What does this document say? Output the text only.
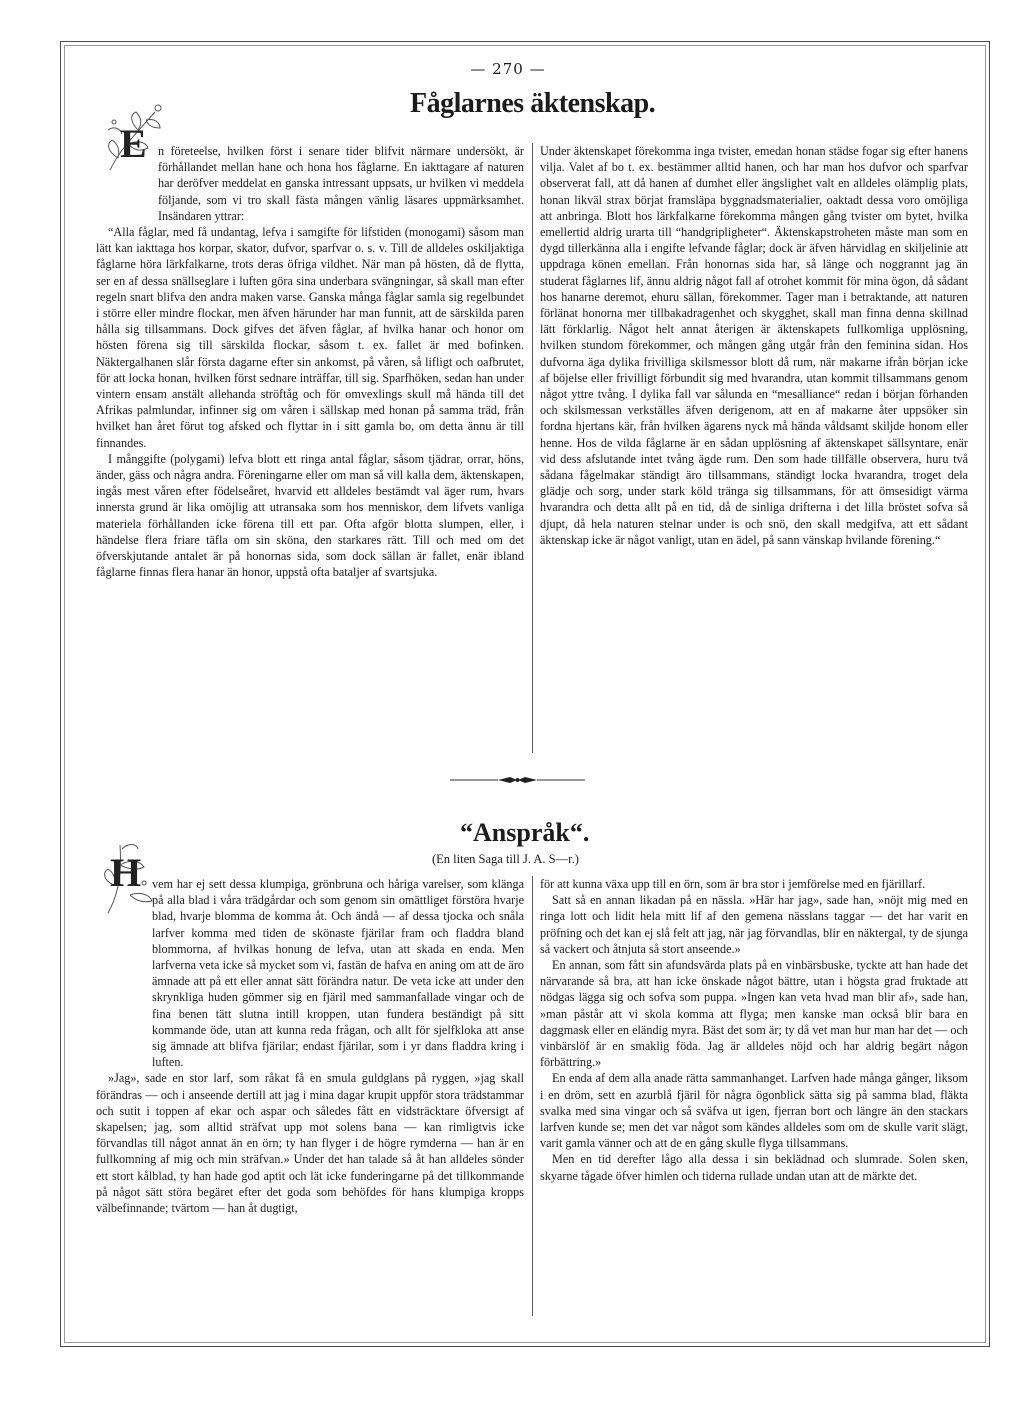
— 270 —
E
Fåglarnes äktenskap.

n företeelse, hvilken först i senare tider blifvit närmare undersökt, är förhållandet mellan hane och hona hos fåglarne. En iakttagare af naturen har deröfver meddelat en ganska intressant uppsats, ur hvilken vi meddela följande, som vi tro skall fästa mången vänlig läsares uppmärksamhet. Insändaren yttrar:

“Alla fåglar, med få undantag, lefva i samgifte för lifstiden (monogami) såsom man lätt kan iakttaga hos korpar, skator, dufvor, sparfvar o. s. v. Till de alldeles oskiljaktiga fåglarne höra lärkfalkarne, trots deras öfriga vildhet. När man på hösten, då de flytta, ser en af dessa snällseglare i luften göra sina underbara svängningar, så skall man efter regeln snart blifva den andra maken varse. Ganska många fåglar samla sig regelbundet i större eller mindre flockar, men äfven härunder har man funnit, att de särskilda paren hålla sig tillsammans. Dock gifves det äfven fåglar, af hvilka hanar och honor om hösten förena sig till särskilda flockar, såsom t. ex. fallet är med bofinken. Näktergalhanen slår första dagarne efter sin ankomst, på våren, så lifligt och oafbrutet, för att locka honan, hvilken först sednare inträffar, till sig. Sparfhöken, sedan han under vintern ensam anstält allehanda ströftåg och för omvexlings skull må hända till det Afrikas palmlundar, infinner sig om våren i sällskap med honan på samma träd, från hvilket han året förut tog afsked och flyttar in i sitt gamla bo, om detta ännu är till finnandes.

I månggifte (polygami) lefva blott ett ringa antal fåglar, såsom tjädrar, orrar, höns, änder, gäss och några andra. Föreningarne eller om man så vill kalla dem, äktenskapen, ingås mest våren efter födelseåret, hvarvid ett alldeles bestämdt val äger rum, hvars innersta grund är lika omöjlig att utransaka som hos menniskor, dem lifvets vanliga materiela förhållanden icke förena till ett par. Ofta afgör blotta slumpen, eller, i händelse flera friare täfla om sin sköna, den starkares rätt. Till och med om det öfverskjutande antalet är på honornas sida, som dock sällan är fallet, enär ibland fåglarne finnas flera hanar än honor, uppstå ofta bataljer af svartsjuka.

Under äktenskapet förekomma inga tvister, emedan honan städse fogar sig efter hanens vilja. Valet af bo t. ex. bestämmer alltid hanen, och har man hos dufvor och sparfvar observerat fall, att då hanen af dumhet eller ängslighet valt en alldeles olämplig plats, honan likväl strax börjat framsläpa byggnadsmaterialier, oaktadt dessa voro omöjliga att anbringa. Blott hos lärkfalkarne förekomma mången gång tvister om bytet, hvilka emellertid aldrig urarta till “handgripligheter“. Äktenskapstroheten måste man som en dygd tillerkänna alla i engifte lefvande fåglar; dock är äfven härvidlag en skiljelinie att uppdraga könen emellan. Från honornas sida har, så länge och noggrannt jag än studerat fåglarnes lif, ännu aldrig något fall af otrohet kommit för mina ögon, då sådant hos hanarne deremot, ehuru sällan, förekommer. Tager man i betraktande, att naturen förlänat honorna mer tillbakadragenhet och skygghet, skall man finna denna skillnad lätt förklarlig. Något helt annat återigen är äktenskapets fullkomliga upplösning, hvilken stundom förekommer, och mången gång utgår från den feminina sidan. Hos dufvorna äga dylika frivilliga skilsmessor blott då rum, när makarne ifrån början icke af böjelse eller frivilligt förbundit sig med hvarandra, utan kommit tillsammans genom något yttre tvång. I dylika fall var sålunda en “mesalliance“ redan i början förhanden och skilsmessan verkställes äfven derigenom, att en af makarne åter uppsöker sin fordna hjertans kär, från hvilken ägarens nyck må hända våldsamt skiljde honom eller henne. Hos de vilda fåglarne är en sådan upplösning af äktenskapet sällsyntare, enär vid dess afslutande intet tvång ägde rum. Den som hade tillfälle observera, huru två sådana fågelmakar ständigt äro tillsammans, ständigt locka hvarandra, troget dela glädje och sorg, under stark köld tränga sig tillsammans, för att ömsesidigt värma hvarandra och detta allt på en tid, då de sinliga drifterna i det lilla bröstet sofva så djupt, då hela naturen stelnar under is och snö, den skall medgifva, att ett sådant äktenskap icke är något vanligt, utan en ädel, på sann vänskap hvilande förening.“

“Anspråk“.
(En liten Saga till J. A. S—r.)
H vem har ej sett dessa klumpiga, grönbruna och håriga varelser, som klänga på alla blad i våra trädgårdar och som genom sin omättliget förstöra hvarje blad, hvarje blomma de komma åt. Och ändå — af dessa tjocka och snåla larfver komma med tiden de skönaste fjärilar fram och fladdra bland blommorna, af hvilkas honung de lefva, utan att skada en enda. Men larfverna veta icke så mycket som vi, fastän de hafva en aning om att de äro ämnade att på ett eller annat sätt förändra natur. De veta icke att under den skrynkliga huden gömmer sig en fjäril med sammanfallade vingar och de fina benen tätt slutna intill kroppen, utan fundera beständigt på sitt kommande öde, utan att kunna reda frågan, och allt för sjelfkloka att anse sig ämnade att blifva fjärilar; endast fjärilar, som i yr dans fladdra kring i luften.

»Jag», sade en stor larf, som råkat få en smula guldglans på ryggen, »jag skall förändras — och i anseende dertill att jag i mina dagar krupit uppför stora trädstammar och sutit i toppen af ekar och aspar och således fått en vidsträcktare öfversigt af skapelsen; jag, som alltid sträfvat upp mot solens bana — kan rimligtvis icke förvandlas till något annat än en örn; ty han flyger i de högre rymderna — han är en fullkomning af mig och min sträfvan.» Under det han talade så åt han alldeles sönder ett stort kålblad, ty han hade god aptit och lät icke funderingarne på det tillkommande på något sätt störa begäret efter det goda som behöfdes för hans klumpiga kropps välbefinnande; tvärtom — han åt dugtigt,

för att kunna växa upp till en örn, som är bra stor i jemförelse med en fjärillarf.

Satt så en annan likadan på en nässla. »Här har jag», sade han, »nöjt mig med en ringa lott och lidit hela mitt lif af den gemena nässlans taggar — det har varit en pröfning och det kan ej slå felt att jag, när jag förvandlas, blir en näktergal, ty de sjunga så vackert och åtnjuta så stort anseende.»

En annan, som fått sin afundsvärda plats på en vinbärsbuske, tyckte att han hade det närvarande så bra, att han icke önskade något bättre, utan i högsta grad fruktade att nödgas lägga sig och sofva som puppa. »Ingen kan veta hvad man blir af», sade han, »man påstår att vi skola komma att flyga; men kanske man också blir bara en daggmask eller en eländig myra. Bäst det som är; ty då vet man hur man har det — och vinbärslöf är en smaklig föda. Jag är alldeles nöjd och har aldrig begärt någon förbättring.»

En enda af dem alla anade rätta sammanhanget. Larfven hade många gånger, liksom i en dröm, sett en azurblå fjäril för några ögonblick sätta sig på samma blad, fläkta svalka med sina vingar och så sväfva ut igen, fjerran bort och längre än den stackars larfven kunde se; men det var något som kändes alldeles som om de skulle varit slägt, varit gamla vänner och att de en gång skulle flyga tillsammans.

Men en tid derefter lågo alla dessa i sin beklädnad och slumrade. Solen sken, skyarne tågade öfver himlen och tiderna rullade undan utan att de märkte det.
